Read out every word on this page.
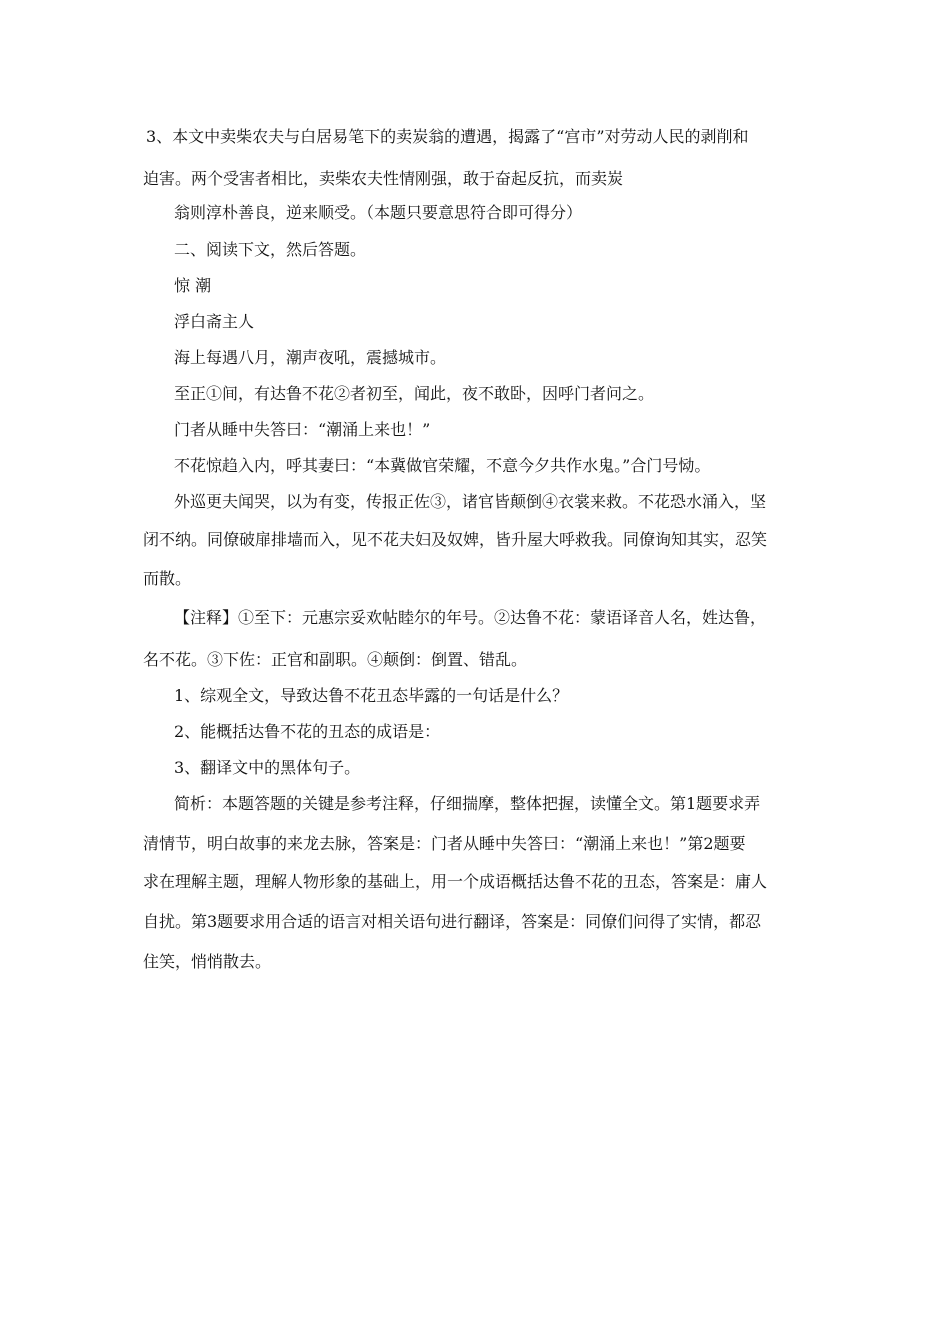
3、本文中卖柴农夫与白居易笔下的卖炭翁的遭遇，揭露了“宫市”对劳动人民的剥削和
迫害。两个受害者相比，卖柴农夫性情刚强，敢于奋起反抗，而卖炭
翁则淳朴善良，逆来顺受。（本题只要意思符合即可得分）
二、阅读下文，然后答题。
惊 潮
浮白斋主人
海上每遇八月，潮声夜吼，震撼城市。
至正①间，有达鲁不花②者初至，闻此，夜不敢卧，因呼门者问之。
门者从睡中失答曰：“潮涌上来也！”
不花惊趋入内，呼其妻曰：“本冀做官荣耀，不意今夕共作水鬼。”合门号恸。
外巡更夫闻哭，以为有变，传报正佐③，诸官皆颠倒④衣裳来救。不花恐水涌入，坚
闭不纳。同僚破扉排墙而入，见不花夫妇及奴婢，皆升屋大呼救我。同僚询知其实，忍笑
而散。
【注释】①至下：元惠宗妥欢帖睦尔的年号。②达鲁不花：蒙语译音人名，姓达鲁，
名不花。③下佐：正官和副职。④颠倒：倒置、错乱。
1、综观全文，导致达鲁不花丑态毕露的一句话是什么？
2、能概括达鲁不花的丑态的成语是：
3、翻译文中的黑体句子。
简析：本题答题的关键是参考注释，仔细揣摩，整体把握，读懂全文。第1题要求弄
清情节，明白故事的来龙去脉，答案是：门者从睡中失答曰：“潮涌上来也！”第2题要
求在理解主题，理解人物形象的基础上，用一个成语概括达鲁不花的丑态，答案是：庸人
自扰。第3题要求用合适的语言对相关语句进行翻译，答案是：同僚们问得了实情，都忍
住笑，悄悄散去。
